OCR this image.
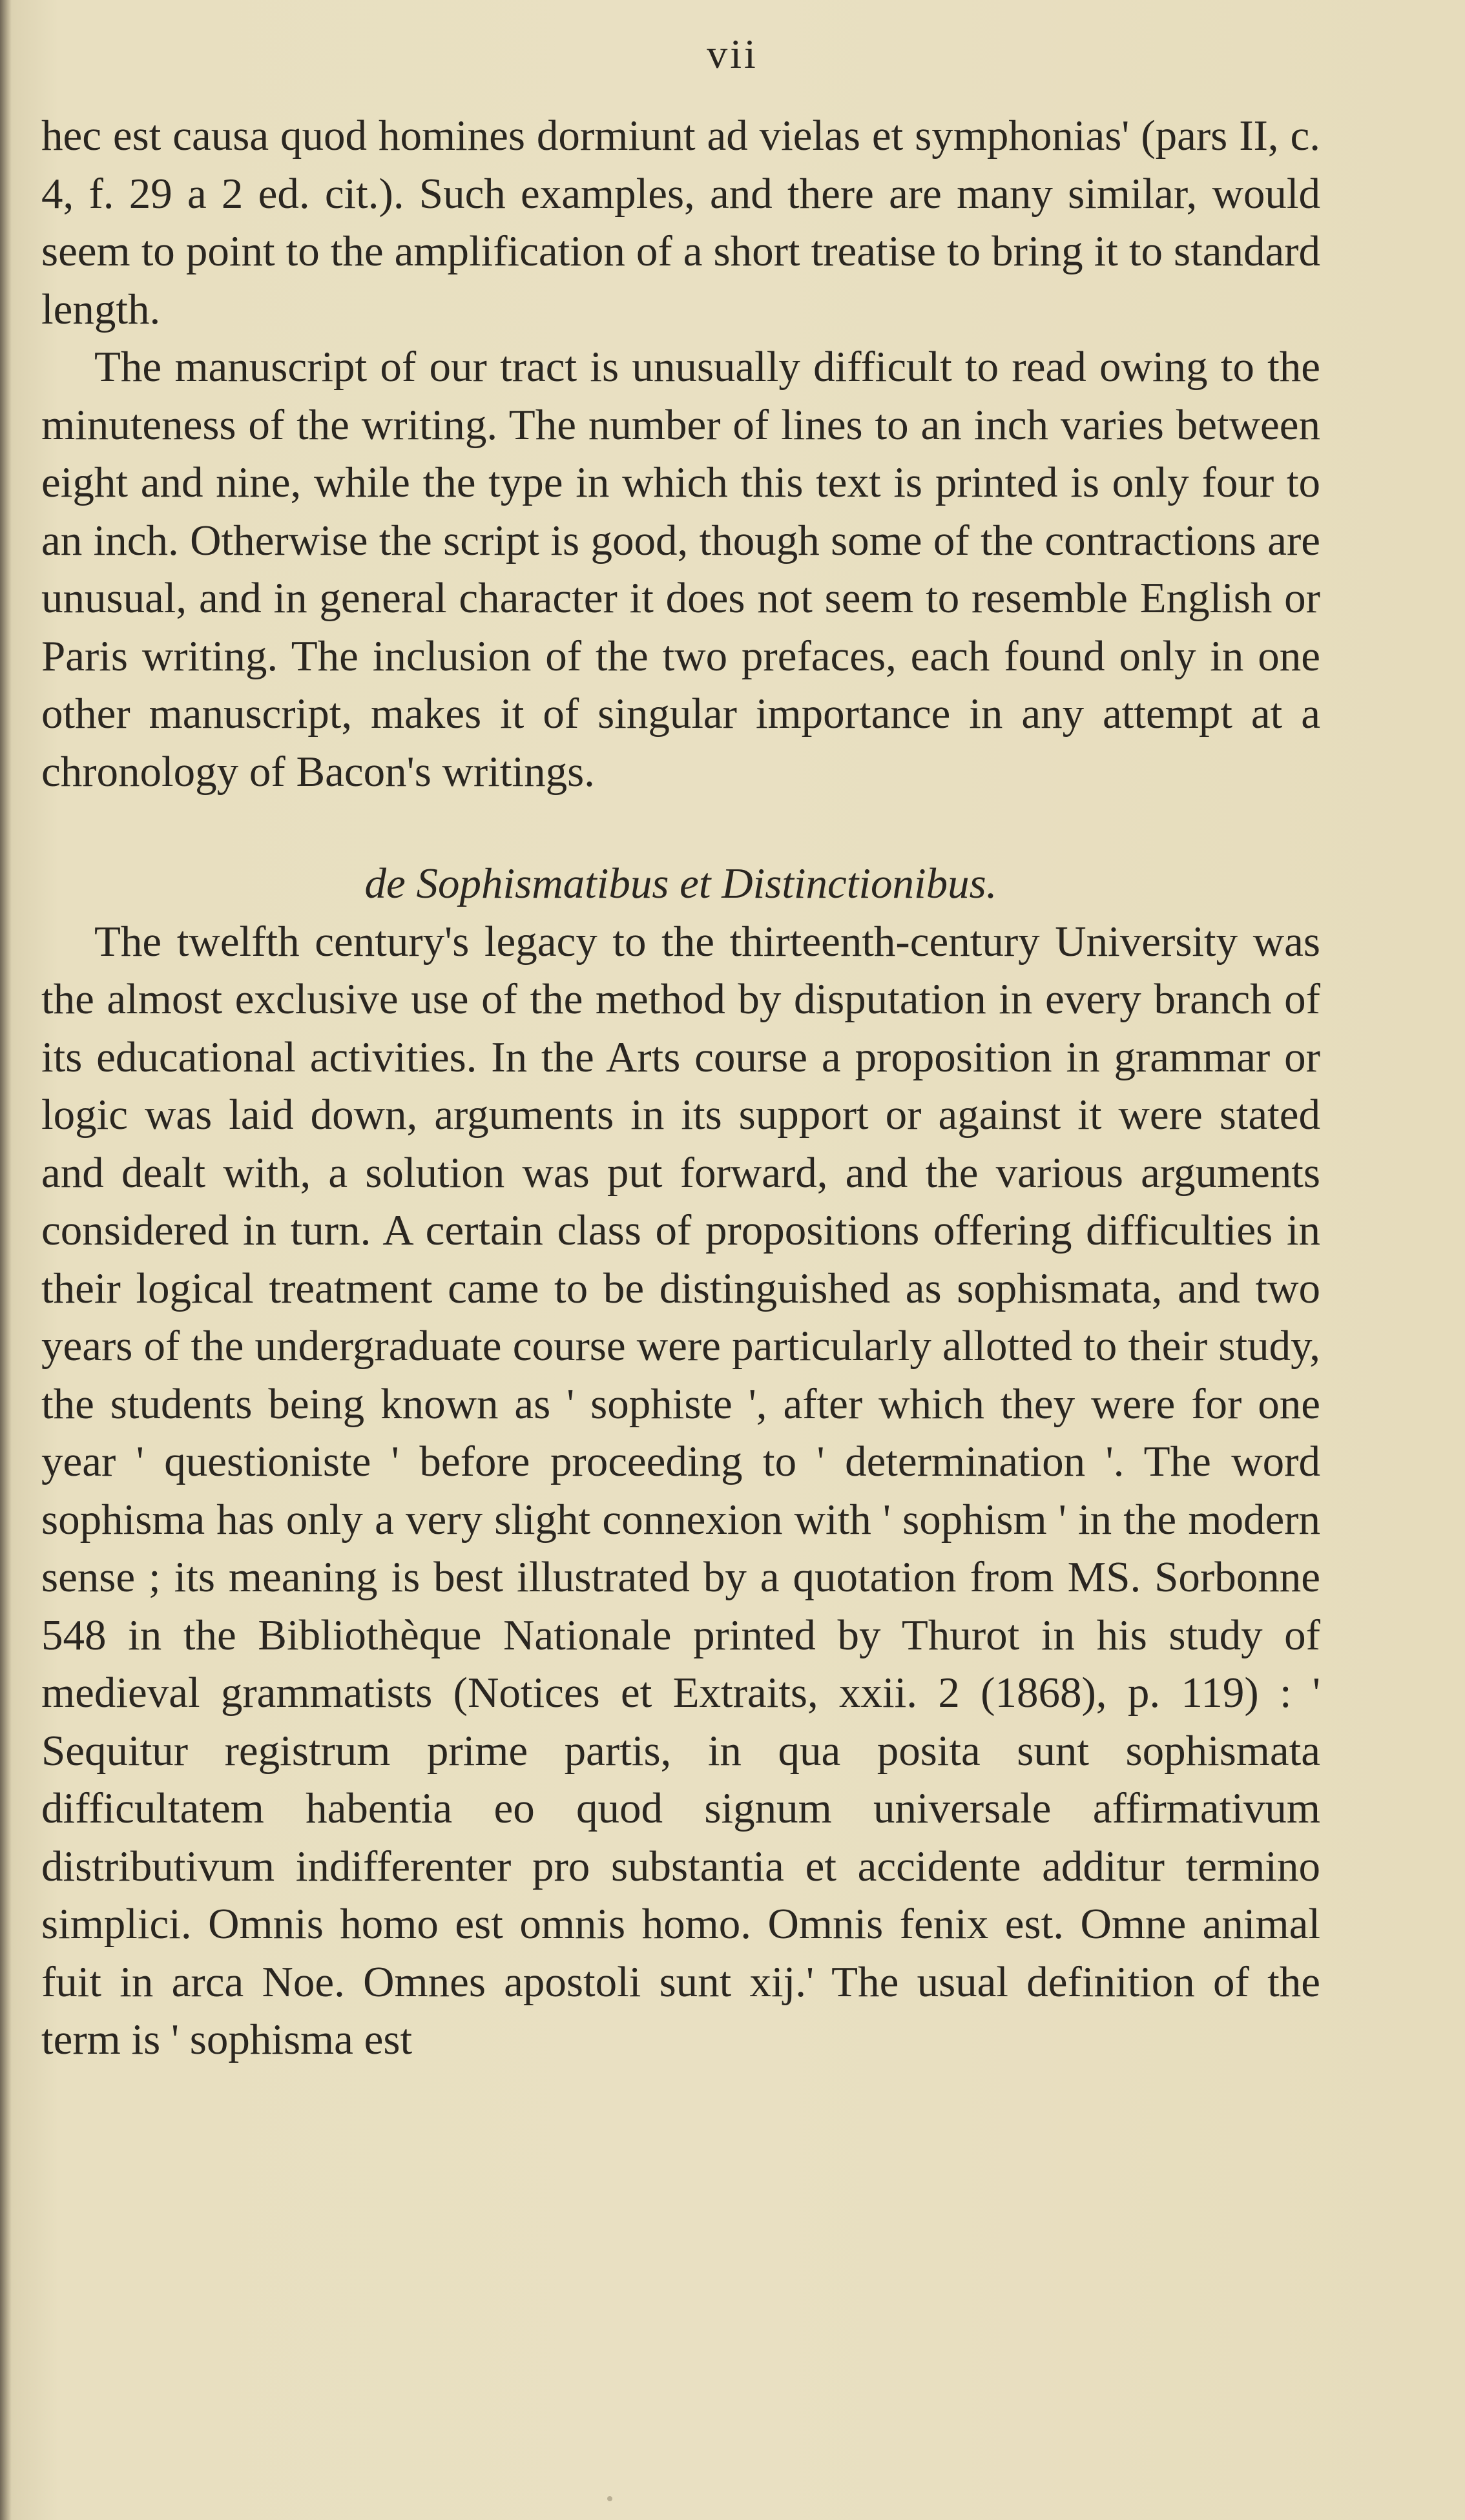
vii

hec est causa quod homines dormiunt ad vielas et symphonias' (pars II, c. 4, f. 29 a 2 ed. cit.). Such examples, and there are many similar, would seem to point to the amplification of a short treatise to bring it to standard length.

The manuscript of our tract is unusually difficult to read owing to the minuteness of the writing. The number of lines to an inch varies between eight and nine, while the type in which this text is printed is only four to an inch. Otherwise the script is good, though some of the contractions are unusual, and in general character it does not seem to resemble English or Paris writing. The inclusion of the two prefaces, each found only in one other manuscript, makes it of singular importance in any attempt at a chronology of Bacon's writings.

de Sophismatibus et Distinctionibus.

The twelfth century's legacy to the thirteenth-century University was the almost exclusive use of the method by disputation in every branch of its educational activities. In the Arts course a proposition in grammar or logic was laid down, arguments in its support or against it were stated and dealt with, a solution was put forward, and the various arguments considered in turn. A certain class of propositions offering difficulties in their logical treatment came to be distinguished as sophismata, and two years of the undergraduate course were particularly allotted to their study, the students being known as ' sophiste ', after which they were for one year ' questioniste ' before proceeding to ' determination '. The word sophisma has only a very slight connexion with ' sophism ' in the modern sense ; its meaning is best illustrated by a quotation from MS. Sorbonne 548 in the Bibliothèque Nationale printed by Thurot in his study of medieval grammatists (Notices et Extraits, xxii. 2 (1868), p. 119) : ' Sequitur registrum prime partis, in qua posita sunt sophismata difficultatem habentia eo quod signum universale affirmativum distributivum indifferenter pro substantia et accidente additur termino simplici. Omnis homo est omnis homo. Omnis fenix est. Omne animal fuit in arca Noe. Omnes apostoli sunt xij.' The usual definition of the term is ' sophisma est
